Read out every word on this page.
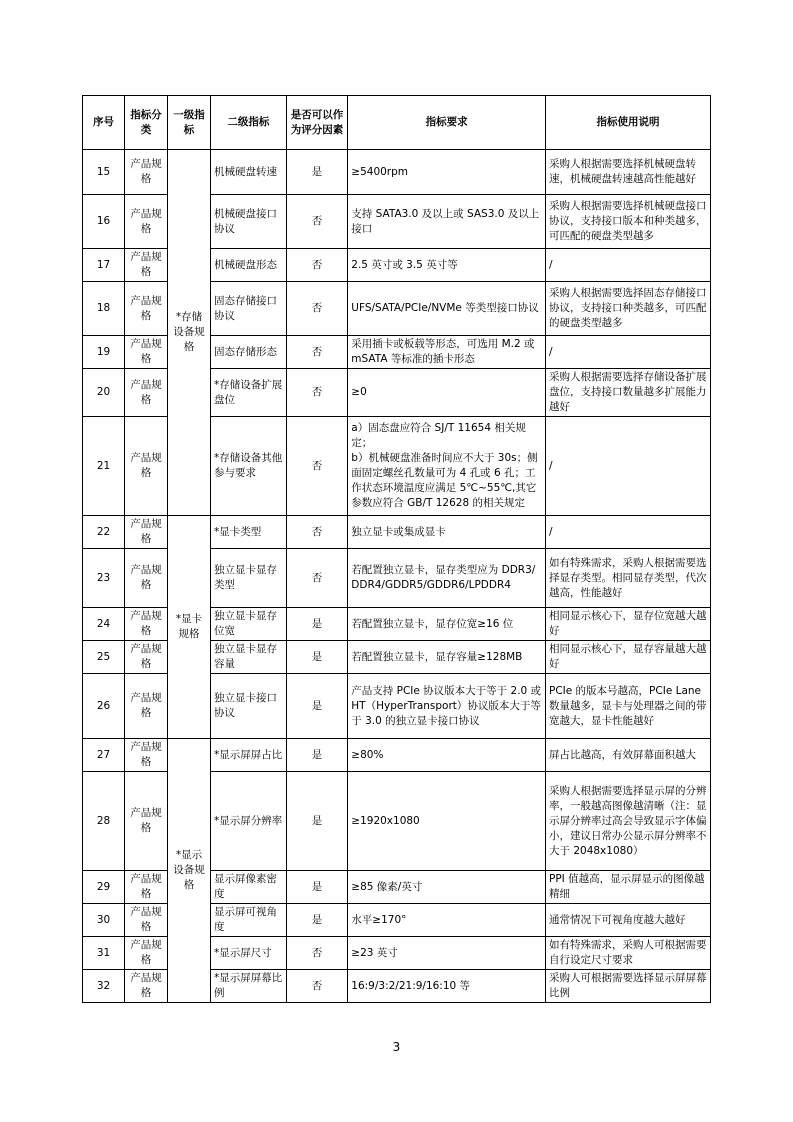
序号	指标分类	一级指标	二级指标	是否可以作为评分因素	指标要求	指标使用说明
15	产品规格	*存储设备规格	机械硬盘转速	是	≥5400rpm	采购人根据需要选择机械硬盘转速，机械硬盘转速越高性能越好
16	产品规格		机械硬盘接口协议	否	支持 SATA3.0 及以上或 SAS3.0 及以上接口	采购人根据需要选择机械硬盘接口协议，支持接口版本和种类越多，可匹配的硬盘类型越多
17	产品规格		机械硬盘形态	否	2.5 英寸或 3.5 英寸等	/
18	产品规格		固态存储接口协议	否	UFS/SATA/PCIe/NVMe 等类型接口协议	采购人根据需要选择固态存储接口协议，支持接口种类越多，可匹配的硬盘类型越多
19	产品规格		固态存储形态	否	采用插卡或板载等形态，可选用 M.2 或 mSATA 等标准的插卡形态	/
20	产品规格		*存储设备扩展盘位	否	≥0	采购人根据需要选择存储设备扩展盘位，支持接口数量越多扩展能力越好
21	产品规格		*存储设备其他参与要求	否	a）固态盘应符合 SJ/T 11654 相关规定；
b）机械硬盘准备时间应不大于 30s；侧面固定螺丝孔数量可为 4 孔或 6 孔；工作状态环境温度应满足 5℃~55℃,其它参数应符合 GB/T 12628 的相关规定	/
22	产品规格	*显卡规格	*显卡类型	否	独立显卡或集成显卡	/
23	产品规格		独立显卡显存类型	否	若配置独立显卡，显存类型应为 DDR3/DDR4/GDDR5/GDDR6/LPDDR4	如有特殊需求，采购人根据需要选择显存类型。相同显存类型，代次越高，性能越好
24	产品规格		独立显卡显存位宽	是	若配置独立显卡，显存位宽≥16 位	相同显示核心下，显存位宽越大越好
25	产品规格		独立显卡显存容量	是	若配置独立显卡，显存容量≥128MB	相同显示核心下，显存容量越大越好
26	产品规格		独立显卡接口协议	是	产品支持 PCIe 协议版本大于等于 2.0 或 HT（HyperTransport）协议版本大于等于 3.0 的独立显卡接口协议	PCIe 的版本号越高，PCIe Lane 数量越多，显卡与处理器之间的带宽越大，显卡性能越好
27	产品规格	*显示设备规格	*显示屏屏占比	是	≥80%	屏占比越高，有效屏幕面积越大
28	产品规格		*显示屏分辨率	是	≥1920x1080	采购人根据需要选择显示屏的分辨率，一般越高图像越清晰（注：显示屏分辨率过高会导致显示字体偏小，建议日常办公显示屏分辨率不大于 2048x1080）
29	产品规格		显示屏像素密度	是	≥85 像素/英寸	PPI 值越高，显示屏显示的图像越精细
30	产品规格		显示屏可视角度	是	水平≥170°	通常情况下可视角度越大越好
31	产品规格		*显示屏尺寸	否	≥23 英寸	如有特殊需求，采购人可根据需要自行设定尺寸要求
32	产品规格		*显示屏屏幕比例	否	16:9/3:2/21:9/16:10 等	采购人可根据需要选择显示屏屏幕比例
3
